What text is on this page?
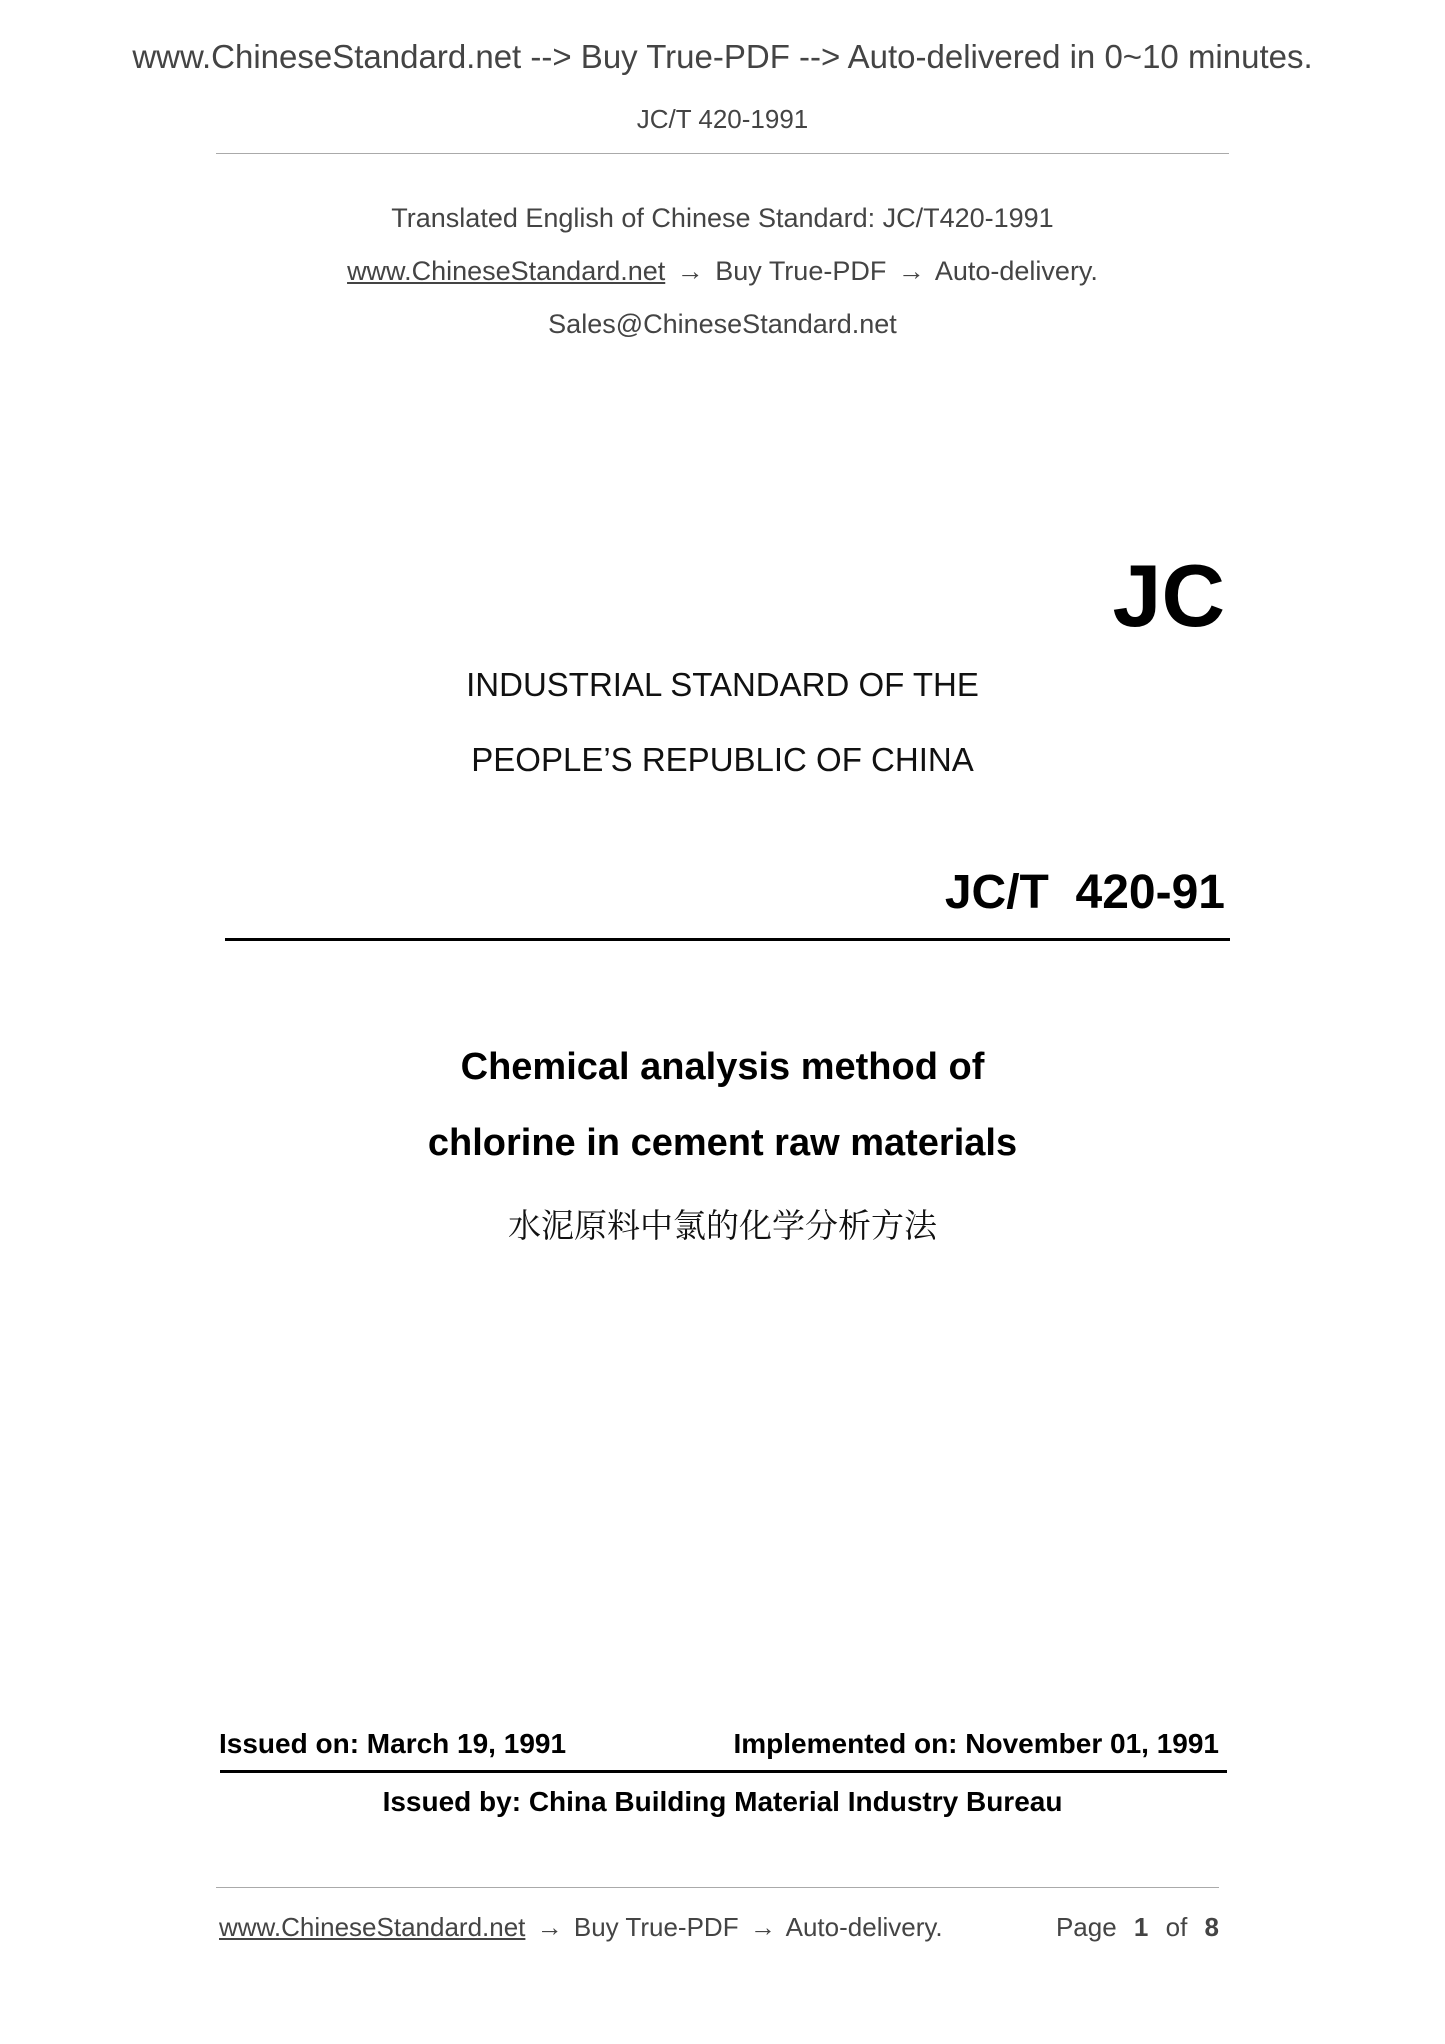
www.ChineseStandard.net --> Buy True-PDF --> Auto-delivered in 0~10 minutes.
JC/T 420-1991
Translated English of Chinese Standard: JC/T420-1991
www.ChineseStandard.net → Buy True-PDF → Auto-delivery.
Sales@ChineseStandard.net
JC
INDUSTRIAL STANDARD OF THE
PEOPLE’S REPUBLIC OF CHINA
JC/T  420-91
Chemical analysis method of
chlorine in cement raw materials
水泥原料中氯的化学分析方法
Issued on: March 19, 1991	Implemented on: November 01, 1991
Issued by: China Building Material Industry Bureau
www.ChineseStandard.net → Buy True-PDF → Auto-delivery.	Page 1 of 8
